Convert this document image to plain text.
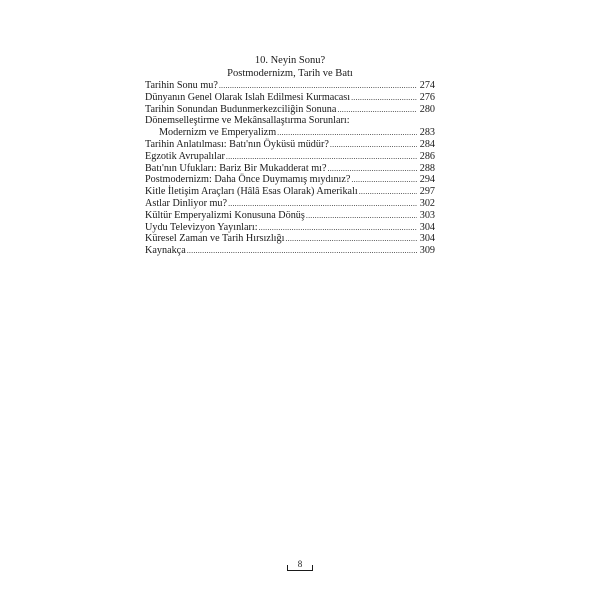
10. Neyin Sonu?
Postmodernizm, Tarih ve Batı
Tarihin Sonu mu? .....	274
Dünyanın Genel Olarak Islah Edilmesi Kurmacası .....	276
Tarihin Sonundan Budunmerkezciliğin Sonuna .....	280
Dönemselleştirme ve Mekânsallaştırma Sorunları:
Modernizm ve Emperyalizm .....	283
Tarihin Anlatılması: Batı'nın Öyküsü müdür? .....	284
Egzotik Avrupalılar .....	286
Batı'nın Ufukları: Bariz Bir Mukadderat mı? .....	288
Postmodernizm: Daha Önce Duymamış mıydınız? .....	294
Kitle İletişim Araçları (Hâlâ Esas Olarak) Amerikalı .....	297
Astlar Dinliyor mu? .....	302
Kültür Emperyalizmi Konusuna Dönüş .....	303
Uydu Televizyon Yayınları: .....	304
Küresel Zaman ve Tarih Hırsızlığı .....	304
Kaynakça .....	309
8
